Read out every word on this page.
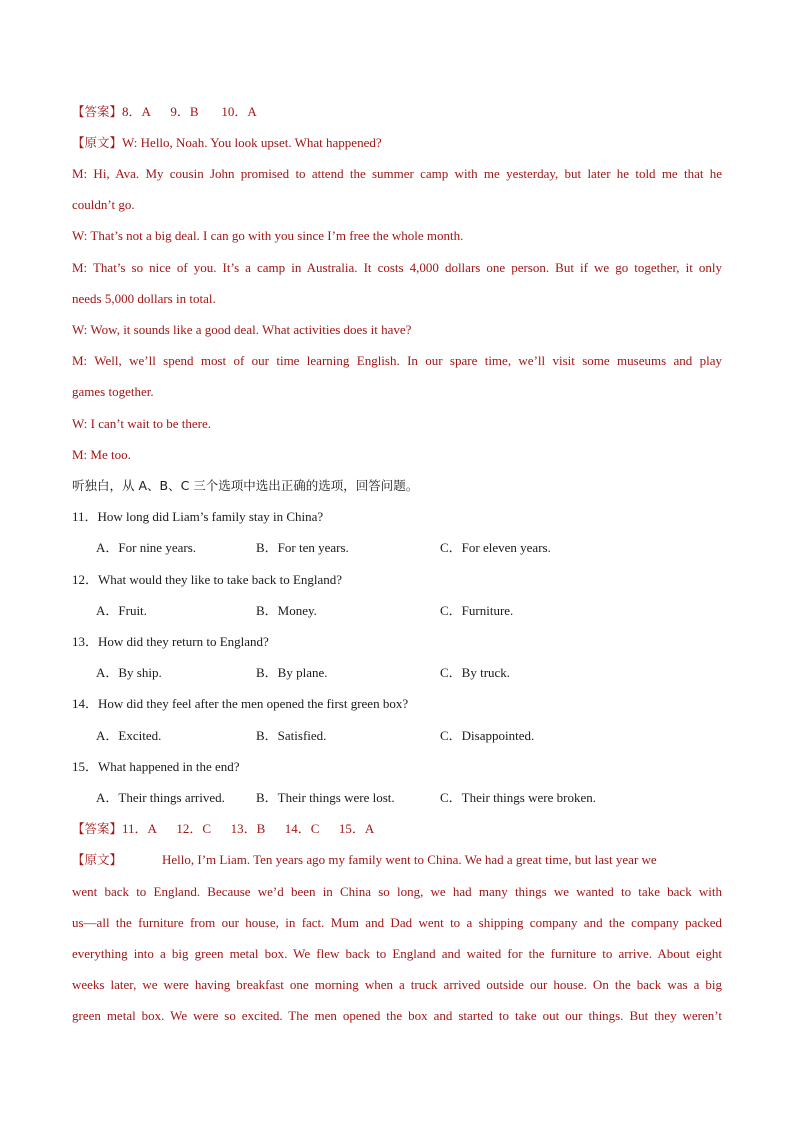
【答案】8．A      9．B       10．A
【原文】W: Hello, Noah. You look upset. What happened?
M: Hi, Ava. My cousin John promised to attend the summer camp with me yesterday, but later he told me that he
couldn’t go.
W: That’s not a big deal. I can go with you since I’m free the whole month.
M: That’s so nice of you. It’s a camp in Australia. It costs 4,000 dollars one person. But if we go together, it only
needs 5,000 dollars in total.
W: Wow, it sounds like a good deal. What activities does it have?
M: Well, we’ll spend most of our time learning English. In our spare time, we’ll visit some museums and play
games together.
W: I can’t wait to be there.
M: Me too.
听独白，从 A、B、C 三个选项中选出正确的选项，回答问题。
11．How long did Liam’s family stay in China?
A．For nine years.	B．For ten years.	C．For eleven years.
12．What would they like to take back to England?
A．Fruit.	B．Money.	C．Furniture.
13．How did they return to England?
A．By ship.	B．By plane.	C．By truck.
14．How did they feel after the men opened the first green box?
A．Excited.	B．Satisfied.	C．Disappointed.
15．What happened in the end?
A．Their things arrived. B．Their things were lost.	C．Their things were broken.
【答案】11．A      12．C      13．B      14．C      15．A
【原文】	Hello, I’m Liam. Ten years ago my family went to China. We had a great time, but last year we
went back to England. Because we’d been in China so long, we had many things we wanted to take back with
us—all the furniture from our house, in fact. Mum and Dad went to a shipping company and the company packed
everything into a big green metal box. We flew back to England and waited for the furniture to arrive. About eight
weeks later, we were having breakfast one morning when a truck arrived outside our house. On the back was a big
green metal box. We were so excited. The men opened the box and started to take out our things. But they weren’t
